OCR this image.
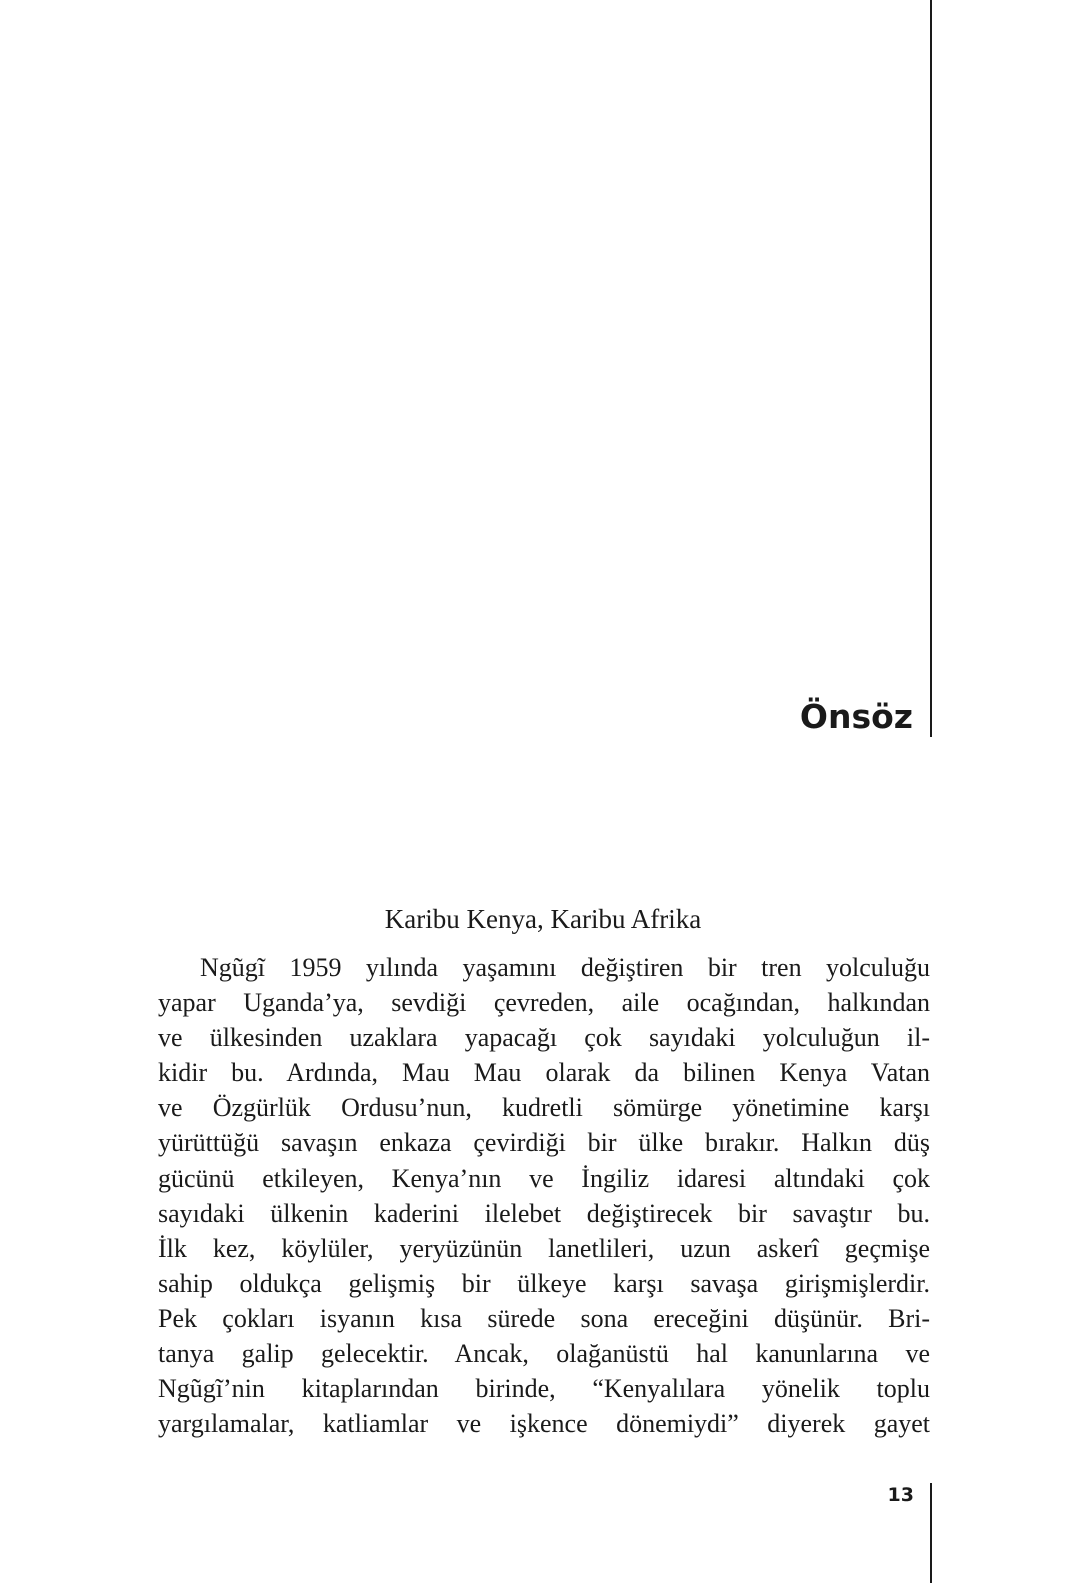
Önsöz
Karibu Kenya, Karibu Afrika
Ngũgĩ 1959 yılında yaşamını değiştiren bir tren yolculuğu
yapar Uganda’ya, sevdiği çevreden, aile ocağından, halkından
ve ülkesinden uzaklara yapacağı çok sayıdaki yolculuğun il-
kidir bu. Ardında, Mau Mau olarak da bilinen Kenya Vatan
ve Özgürlük Ordusu’nun, kudretli sömürge yönetimine karşı
yürüttüğü savaşın enkaza çevirdiği bir ülke bırakır. Halkın düş
gücünü etkileyen, Kenya’nın ve İngiliz idaresi altındaki çok
sayıdaki ülkenin kaderini ilelebet değiştirecek bir savaştır bu.
İlk kez, köylüler, yeryüzünün lanetlileri, uzun askerî geçmişe
sahip oldukça gelişmiş bir ülkeye karşı savaşa girişmişlerdir.
Pek çokları isyanın kısa sürede sona ereceğini düşünür. Bri-
tanya galip gelecektir. Ancak, olağanüstü hal kanunlarına ve
Ngũgĩ’nin kitaplarından birinde, “Kenyalılara yönelik toplu
yargılamalar, katliamlar ve işkence dönemiydi” diyerek gayet
13
